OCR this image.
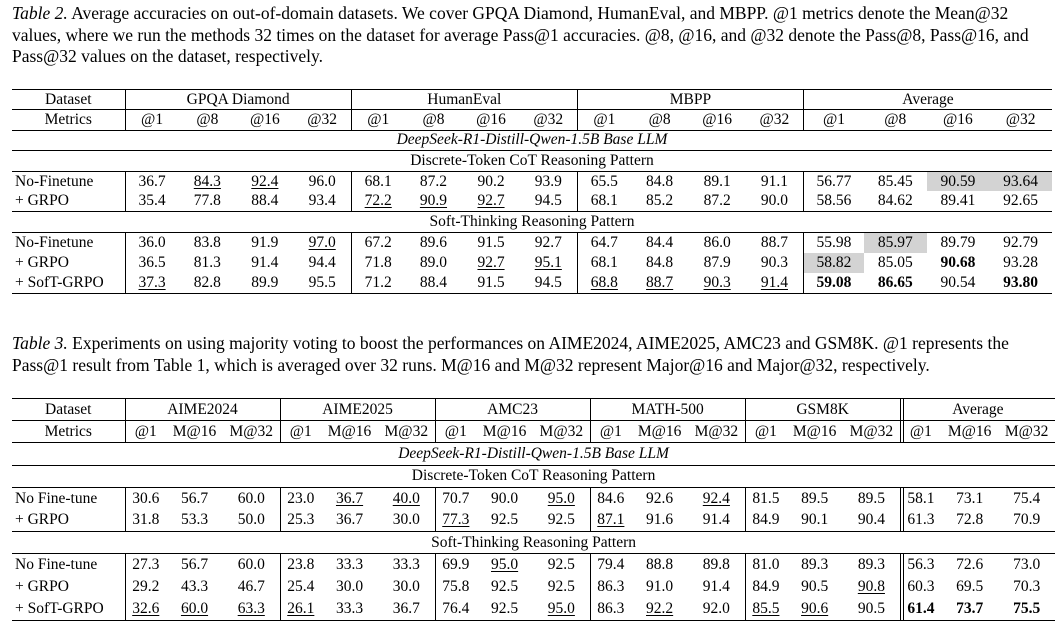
Table 2. Average accuracies on out-of-domain datasets. We cover GPQA Diamond, HumanEval, and MBPP. @1 metrics denote the Mean@32 values, where we run the methods 32 times on the dataset for average Pass@1 accuracies. @8, @16, and @32 denote the Pass@8, Pass@16, and Pass@32 values on the dataset, respectively.
Dataset	GPQA Diamond				HumanEval				MBPP				Average			
Metrics	@1	@8	@16	@32	@1	@8	@16	@32	@1	@8	@16	@32	@1	@8	@16	@32
DeepSeek-R1-Distill-Qwen-1.5B Base LLM																
Discrete-Token CoT Reasoning Pattern																
No-Finetune	36.7	84.3	92.4	96.0	68.1	87.2	90.2	93.9	65.5	84.8	89.1	91.1	56.77	85.45	90.59	93.64
+ GRPO	35.4	77.8	88.4	93.4	72.2	90.9	92.7	94.5	68.1	85.2	87.2	90.0	58.56	84.62	89.41	92.65
Soft-Thinking Reasoning Pattern																
No-Finetune	36.0	83.8	91.9	97.0	67.2	89.6	91.5	92.7	64.7	84.4	86.0	88.7	55.98	85.97	89.79	92.79
+ GRPO	36.5	81.3	91.4	94.4	71.8	89.0	92.7	95.1	68.1	84.8	87.9	90.3	58.82	85.05	90.68	93.28
+ SofT-GRPO	37.3	82.8	89.9	95.5	71.2	88.4	91.5	94.5	68.8	88.7	90.3	91.4	59.08	86.65	90.54	93.80
Table 3. Experiments on using majority voting to boost the performances on AIME2024, AIME2025, AMC23 and GSM8K. @1 represents the Pass@1 result from Table 1, which is averaged over 32 runs. M@16 and M@32 represent Major@16 and Major@32, respectively.
Dataset	AIME2024			AIME2025			AMC23			MATH-500			GSM8K			Average		
Metrics	@1	M@16	M@32	@1	M@16	M@32	@1	M@16	M@32	@1	M@16	M@32	@1	M@16	M@32	@1	M@16	M@32
DeepSeek-R1-Distill-Qwen-1.5B Base LLM																		
Discrete-Token CoT Reasoning Pattern																		
No Fine-tune	30.6	56.7	60.0	23.0	36.7	40.0	70.7	90.0	95.0	84.6	92.6	92.4	81.5	89.5	89.5	58.1	73.1	75.4
+ GRPO	31.8	53.3	50.0	25.3	36.7	30.0	77.3	92.5	92.5	87.1	91.6	91.4	84.9	90.1	90.4	61.3	72.8	70.9
Soft-Thinking Reasoning Pattern																		
No Fine-tune	27.3	56.7	60.0	23.8	33.3	33.3	69.9	95.0	92.5	79.4	88.8	89.8	81.0	89.3	89.3	56.3	72.6	73.0
+ GRPO	29.2	43.3	46.7	25.4	30.0	30.0	75.8	92.5	92.5	86.3	91.0	91.4	84.9	90.5	90.8	60.3	69.5	70.3
+ SofT-GRPO	32.6	60.0	63.3	26.1	33.3	36.7	76.4	92.5	95.0	86.3	92.2	92.0	85.5	90.6	90.5	61.4	73.7	75.5
